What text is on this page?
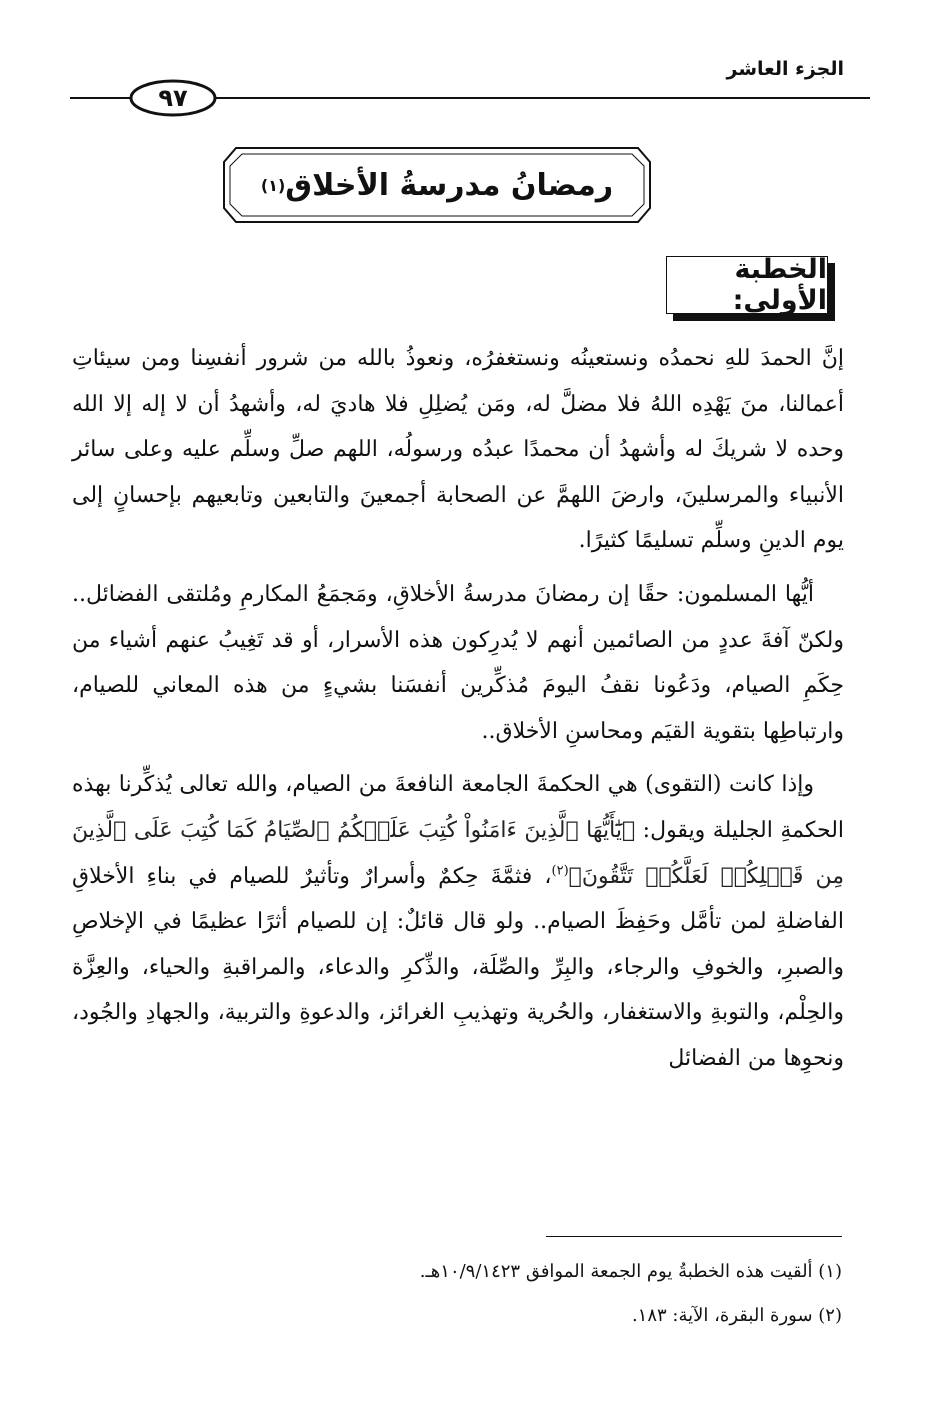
الجزء العاشر
٩٧
رمضانُ مدرسةُ الأخلاق
(١)
الخطبة الأولى:

إنَّ الحمدَ للهِ نحمدُه ونستعينُه ونستغفرُه، ونعوذُ بالله من شرور أنفسِنا ومن سيئاتِ أعمالنا، منَ يَهْدِه اللهُ فلا مضلَّ له، ومَن يُضلِلِ فلا هاديَ له، وأشهدُ أن لا إله إلا الله وحده لا شريكَ له وأشهدُ أن محمدًا عبدُه ورسولُه، اللهم صلِّ وسلِّم عليه وعلى سائر الأنبياء والمرسلينَ، وارضَ اللهمَّ عن الصحابة أجمعينَ والتابعين وتابعيهم بإحسانٍ إلى يوم الدينِ وسلِّم تسليمًا كثيرًا.

أيُّها المسلمون: حقًا إن رمضانَ مدرسةُ الأخلاقِ، ومَجمَعُ المكارمِ ومُلتقى الفضائل.. ولكنّ آفةَ عددٍ من الصائمين أنهم لا يُدرِكون هذه الأسرار، أو قد تَغِيبُ عنهم أشياء من حِكَمِ الصيام، ودَعُونا نقفُ اليومَ مُذكِّرين أنفسَنا بشيءٍ من هذه المعاني للصيام، وارتباطِها بتقوية القيَم ومحاسنِ الأخلاق..

وإذا كانت (التقوى) هي الحكمةَ الجامعة النافعةَ من الصيام، والله تعالى يُذكِّرنا بهذه الحكمةِ الجليلة ويقول: ﴿يَٰٓأَيُّهَا ٱلَّذِينَ ءَامَنُواْ كُتِبَ عَلَيۡكُمُ ٱلصِّيَامُ كَمَا كُتِبَ عَلَى ٱلَّذِينَ مِن قَبۡلِكُمۡ لَعَلَّكُمۡ تَتَّقُونَ﴾$^{(٢)}$، فثمَّةَ حِكمٌ وأسرارٌ وتأثيرٌ للصيام في بناءِ الأخلاقِ الفاضلةِ لمن تأمَّل وحَفِظَ الصيام.. ولو قال قائلٌ: إن للصيام أثرًا عظيمًا في الإخلاصِ والصبرِ، والخوفِ والرجاء، والبِرِّ والصِّلَة، والذِّكرِ والدعاء، والمراقبةِ والحياء، والعِزَّة والحِلْم، والتوبةِ والاستغفار، والحُرية وتهذيبِ الغرائز، والدعوةِ والتربية، والجهادِ والجُود، ونحوِها من الفضائل

(١) ألقيت هذه الخطبةُ يوم الجمعة الموافق ١٠/٩/١٤٢٣هـ.
(٢) سورة البقرة، الآية: ١٨٣.
